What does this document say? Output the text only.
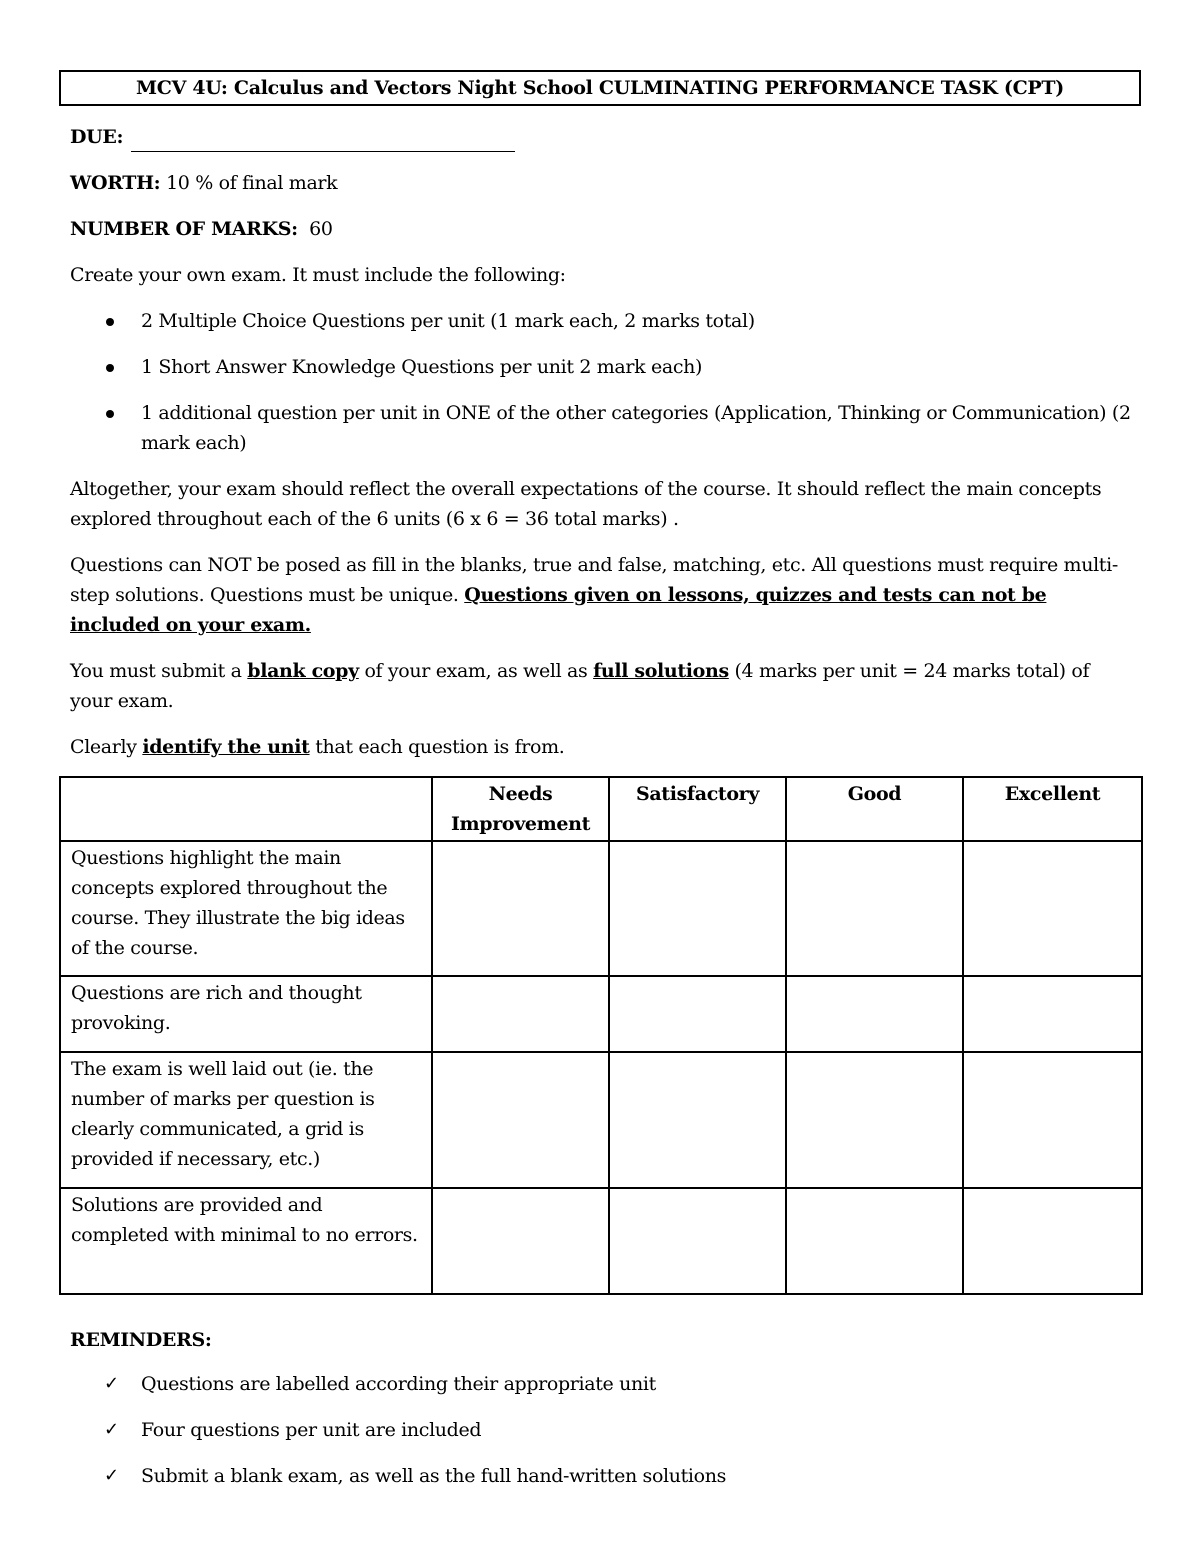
MCV 4U: Calculus and Vectors Night School CULMINATING PERFORMANCE TASK (CPT)
DUE:
WORTH: 10 % of final mark
NUMBER OF MARKS: 60
Create your own exam. It must include the following:
2 Multiple Choice Questions per unit (1 mark each, 2 marks total)
1 Short Answer Knowledge Questions per unit 2 mark each)
1 additional question per unit in ONE of the other categories (Application, Thinking or Communication) (2 mark each)
Altogether, your exam should reflect the overall expectations of the course. It should reflect the main concepts explored throughout each of the 6 units (6 x 6 = 36 total marks) .
Questions can NOT be posed as fill in the blanks, true and false, matching, etc. All questions must require multi-step solutions. Questions must be unique. Questions given on lessons, quizzes and tests can not be included on your exam.
You must submit a blank copy of your exam, as well as full solutions (4 marks per unit = 24 marks total) of your exam.
Clearly identify the unit that each question is from.
	Needs Improvement	Satisfactory	Good	Excellent
Questions highlight the main concepts explored throughout the course. They illustrate the big ideas of the course.				
Questions are rich and thought provoking.				
The exam is well laid out (ie. the number of marks per question is clearly communicated, a grid is provided if necessary, etc.)				
Solutions are provided and completed with minimal to no errors.				
REMINDERS:
✓ Questions are labelled according their appropriate unit
✓ Four questions per unit are included
✓ Submit a blank exam, as well as the full hand-written solutions
